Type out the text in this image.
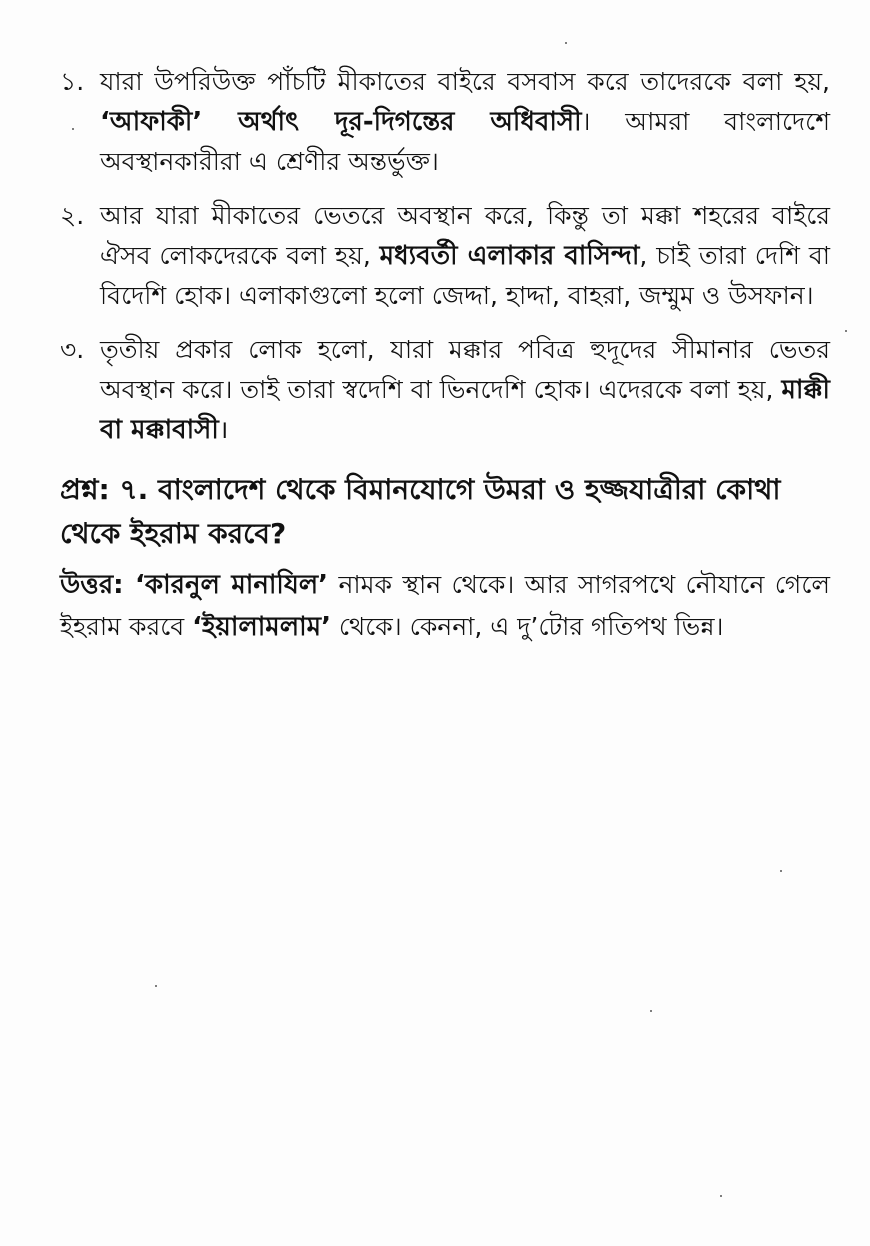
১. যারা উপরিউক্ত পাঁচটি মীকাতের বাইরে বসবাস করে তাদেরকে বলা হয়, ‘আফাকী’ অর্থাৎ দূর-দিগন্তের অধিবাসী। আমরা বাংলাদেশে অবস্থানকারীরা এ শ্রেণীর অন্তর্ভুক্ত।
২. আর যারা মীকাতের ভেতরে অবস্থান করে, কিন্তু তা মক্কা শহরের বাইরে ঐসব লোকদেরকে বলা হয়, মধ্যবর্তী এলাকার বাসিন্দা, চাই তারা দেশি বা বিদেশি হোক। এলাকাগুলো হলো জেদ্দা, হাদ্দা, বাহরা, জম্মুম ও উসফান।
৩. তৃতীয় প্রকার লোক হলো, যারা মক্কার পবিত্র হুদূদের সীমানার ভেতর অবস্থান করে। তাই তারা স্বদেশি বা ভিনদেশি হোক। এদেরকে বলা হয়, মাক্কী বা মক্কাবাসী।
প্রশ্ন: ৭. বাংলাদেশ থেকে বিমানযোগে উমরা ও হজ্জযাত্রীরা কোথা থেকে ইহরাম করবে?
উত্তর: ‘কারনুল মানাযিল’ নামক স্থান থেকে। আর সাগরপথে নৌযানে গেলে ইহরাম করবে ‘ইয়ালামলাম’ থেকে। কেননা, এ দু’টোর গতিপথ ভিন্ন।
